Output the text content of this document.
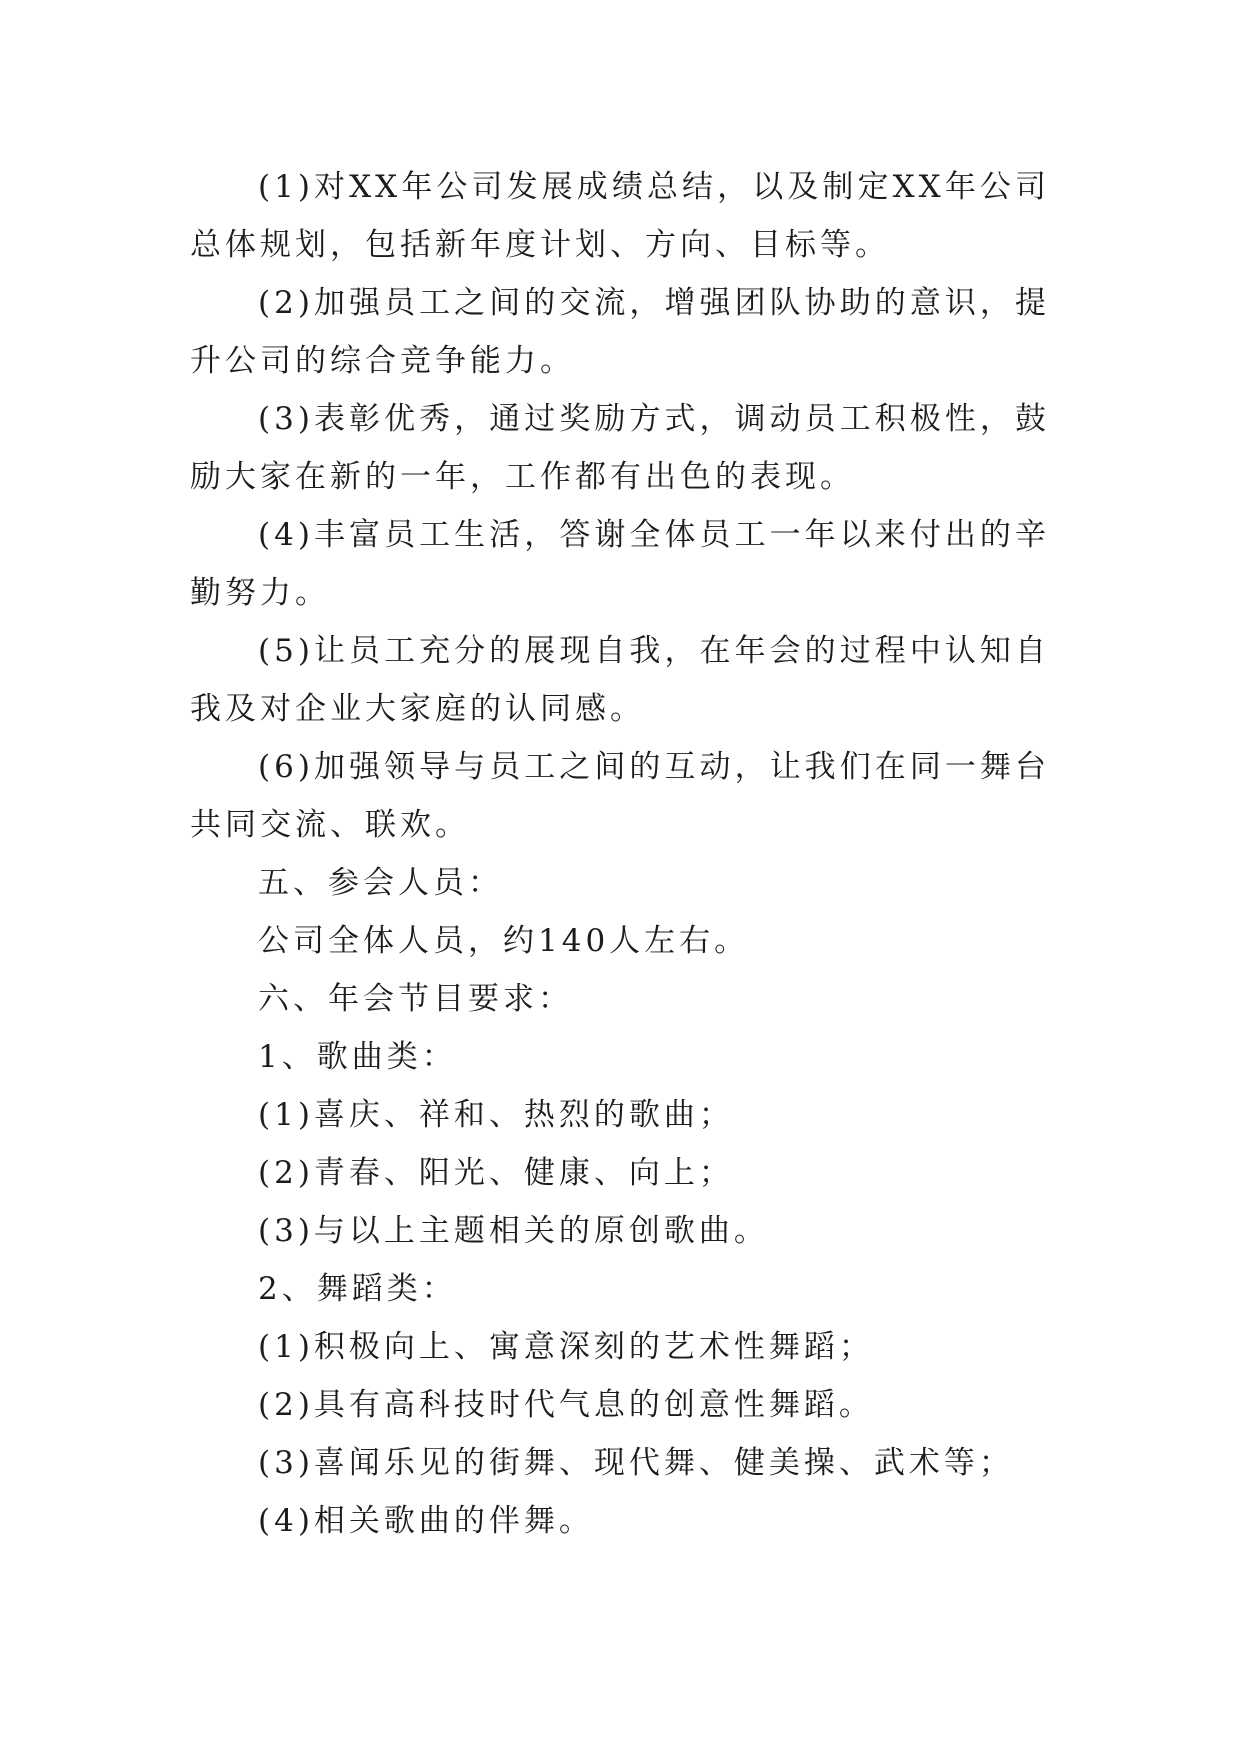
(1)对XX年公司发展成绩总结，以及制定XX年公司总体规划，包括新年度计划、方向、目标等。

(2)加强员工之间的交流，增强团队协助的意识，提升公司的综合竞争能力。

(3)表彰优秀，通过奖励方式，调动员工积极性，鼓励大家在新的一年，工作都有出色的表现。

(4)丰富员工生活，答谢全体员工一年以来付出的辛勤努力。

(5)让员工充分的展现自我，在年会的过程中认知自我及对企业大家庭的认同感。

(6)加强领导与员工之间的互动，让我们在同一舞台共同交流、联欢。

五、参会人员：

公司全体人员，约140人左右。

六、年会节目要求：

1、歌曲类：

(1)喜庆、祥和、热烈的歌曲；

(2)青春、阳光、健康、向上；

(3)与以上主题相关的原创歌曲。

2、舞蹈类：

(1)积极向上、寓意深刻的艺术性舞蹈；

(2)具有高科技时代气息的创意性舞蹈。

(3)喜闻乐见的街舞、现代舞、健美操、武术等；

(4)相关歌曲的伴舞。
